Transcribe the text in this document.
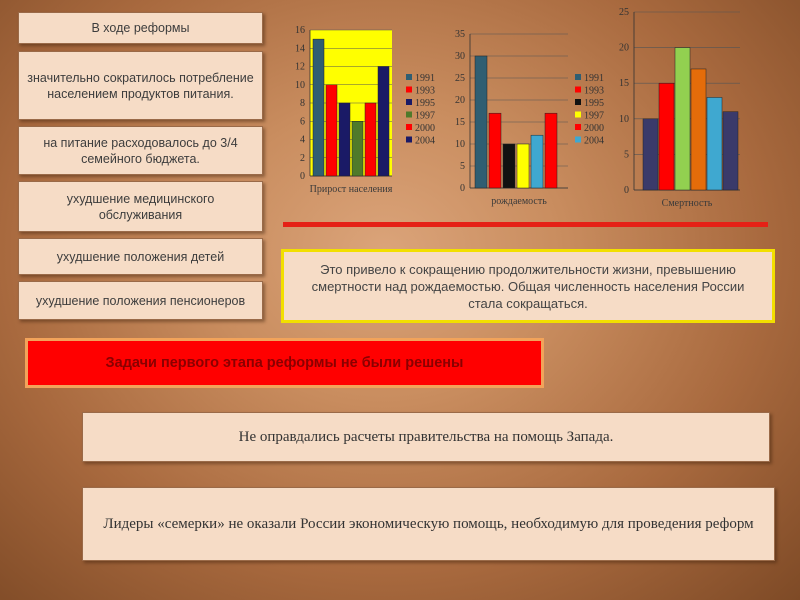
В ходе реформы
значительно сократилось потребление населением продуктов питания.
на питание расходовалось до 3/4 семейного бюджета.
ухудшение медицинского обслуживания
ухудшение положения детей
ухудшение положения пенсионеров
0
2
4
6
8
10
12
14
16
Прирост населения
1991
1993
1995
1997
2000
2004
0
5
10
15
20
25
30
35
рождаемость
1991
1993
1995
1997
2000
2004
0
5
10
15
20
25
Смертность
Это привело к сокращению продолжительности жизни, превышению смертности над рождаемостью. Общая численность населения России стала сокращаться.
Задачи первого этапа реформы не были решены
Не оправдались расчеты правительства на помощь Запада.
Лидеры «семерки» не оказали России экономическую помощь, необходимую для проведения реформ
